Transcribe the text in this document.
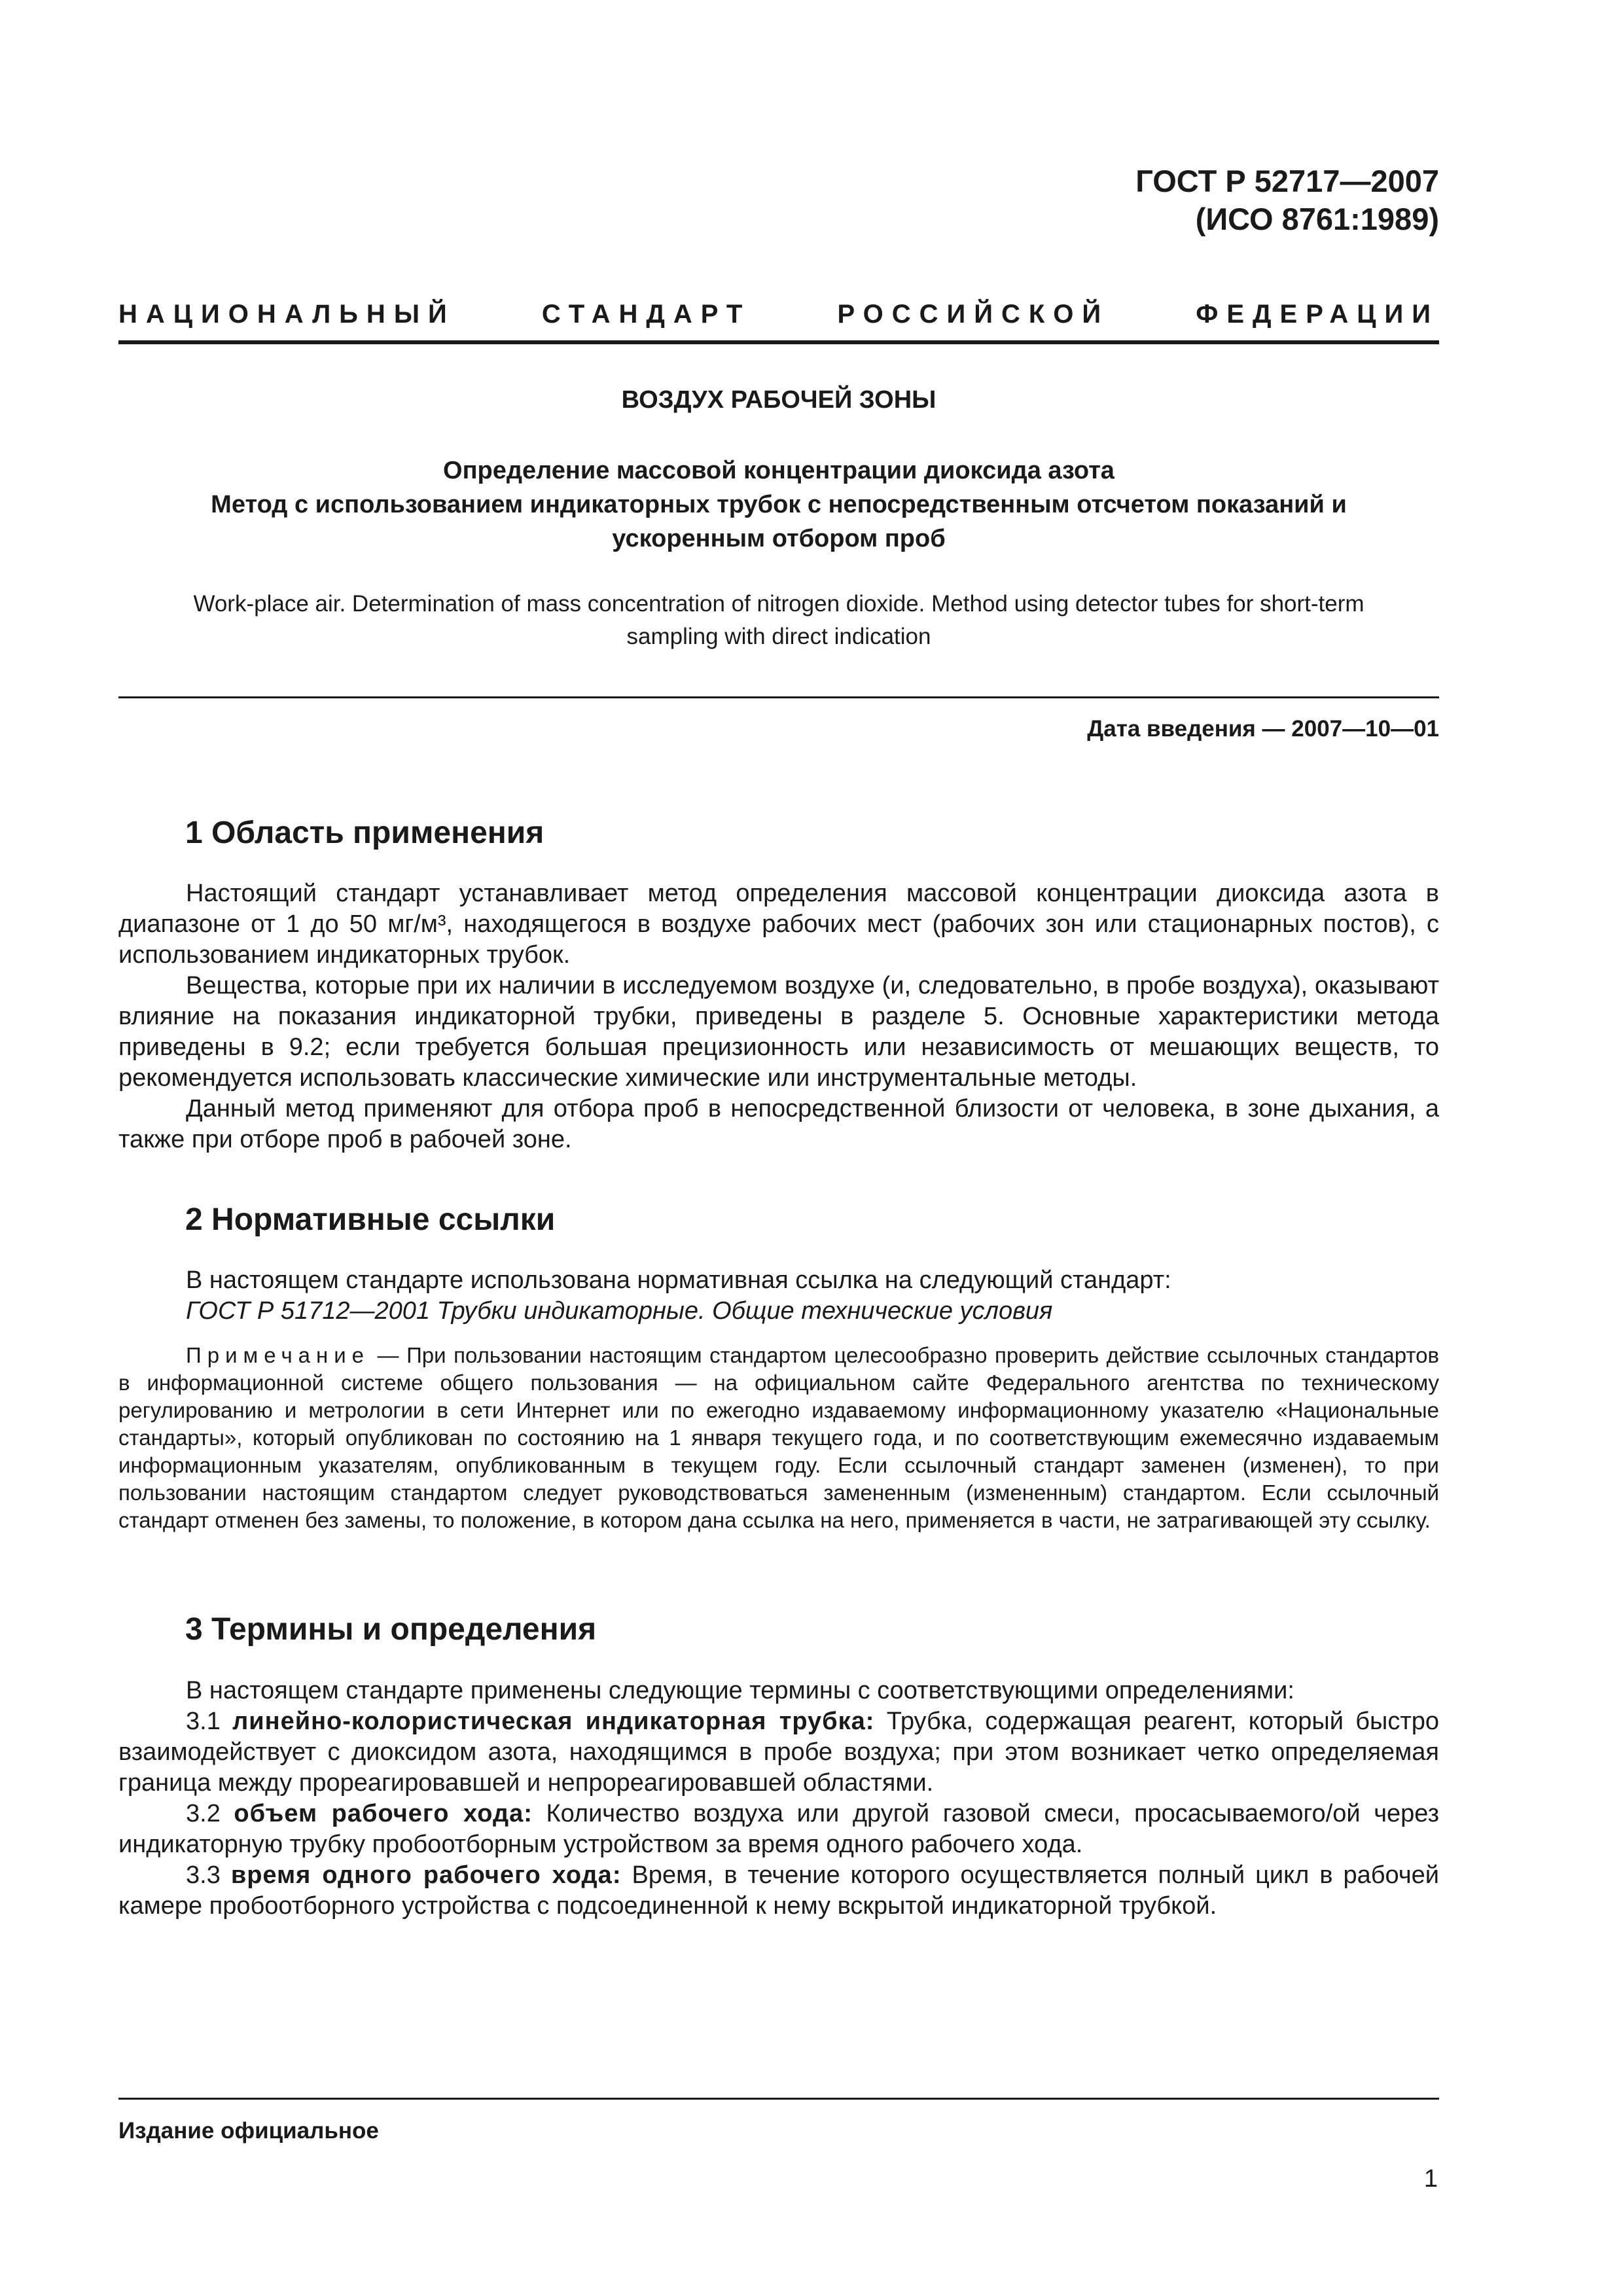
ГОСТ Р 52717—2007
(ИСО 8761:1989)
НАЦИОНАЛЬНЫЙ	СТАНДАРТ	РОССИЙСКОЙ	ФЕДЕРАЦИИ
ВОЗДУХ РАБОЧЕЙ ЗОНЫ
Определение массовой концентрации диоксида азота
Метод с использованием индикаторных трубок с непосредственным отсчетом показаний и
ускоренным отбором проб
Work-place air. Determination of mass concentration of nitrogen dioxide. Method using detector tubes for short-term
sampling with direct indication
Дата введения — 2007—10—01
1 Область применения

Настоящий стандарт устанавливает метод определения массовой концентрации диоксида азота в диапазоне от 1 до 50 мг/м³, находящегося в воздухе рабочих мест (рабочих зон или стационарных постов), с использованием индикаторных трубок.

Вещества, которые при их наличии в исследуемом воздухе (и, следовательно, в пробе воздуха), оказывают влияние на показания индикаторной трубки, приведены в разделе 5. Основные характеристики метода приведены в 9.2; если требуется большая прецизионность или независимость от мешающих веществ, то рекомендуется использовать классические химические или инструментальные методы.

Данный метод применяют для отбора проб в непосредственной близости от человека, в зоне дыхания, а также при отборе проб в рабочей зоне.

2 Нормативные ссылки

В настоящем стандарте использована нормативная ссылка на следующий стандарт:

ГОСТ Р 51712—2001 Трубки индикаторные. Общие технические условия

Примечание — При пользовании настоящим стандартом целесообразно проверить действие ссылочных стандартов в информационной системе общего пользования — на официальном сайте Федерального агентства по техническому регулированию и метрологии в сети Интернет или по ежегодно издаваемому информационному указателю «Национальные стандарты», который опубликован по состоянию на 1 января текущего года, и по соответствующим ежемесячно издаваемым информационным указателям, опубликованным в текущем году. Если ссылочный стандарт заменен (изменен), то при пользовании настоящим стандартом следует руководствоваться замененным (измененным) стандартом. Если ссылочный стандарт отменен без замены, то положение, в котором дана ссылка на него, применяется в части, не затрагивающей эту ссылку.

3 Термины и определения

В настоящем стандарте применены следующие термины с соответствующими определениями:

3.1 линейно-колористическая индикаторная трубка: Трубка, содержащая реагент, который быстро взаимодействует с диоксидом азота, находящимся в пробе воздуха; при этом возникает четко определяемая граница между прореагировавшей и непрореагировавшей областями.

3.2 объем рабочего хода: Количество воздуха или другой газовой смеси, просасываемого/ой через индикаторную трубку пробоотборным устройством за время одного рабочего хода.

3.3 время одного рабочего хода: Время, в течение которого осуществляется полный цикл в рабочей камере пробоотборного устройства с подсоединенной к нему вскрытой индикаторной трубкой.

Издание официальное
1
